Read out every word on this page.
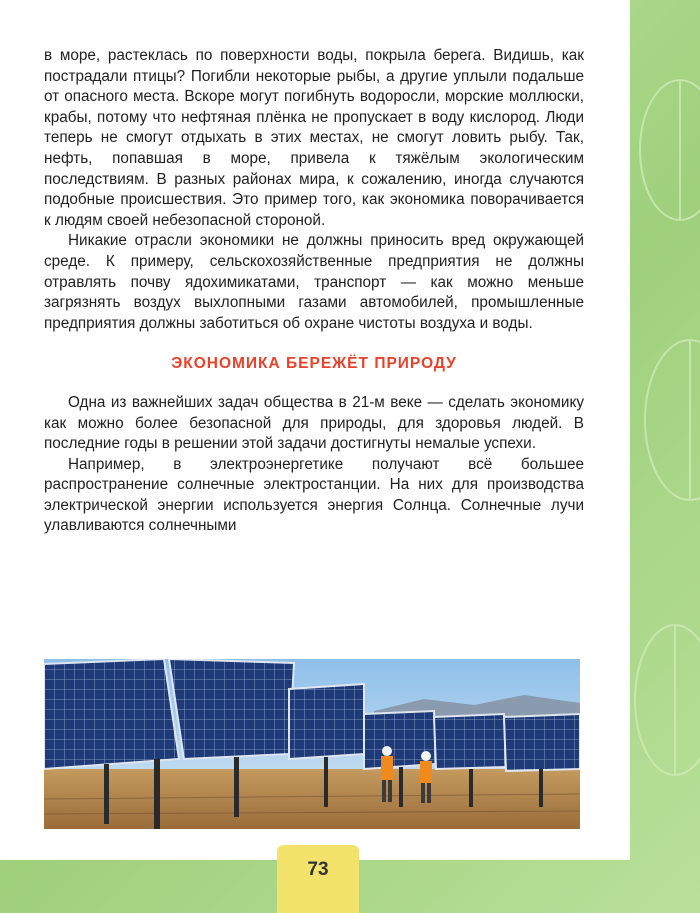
в море, растеклась по поверхности воды, покрыла берега. Видишь, как пострадали птицы? Погибли некоторые рыбы, а другие уплыли подальше от опасного места. Вскоре могут погибнуть водоросли, морские моллюски, крабы, потому что нефтяная плёнка не пропускает в воду кислород. Люди теперь не смогут отдыхать в этих местах, не смогут ловить рыбу. Так, нефть, попавшая в море, привела к тяжёлым экологическим последствиям. В разных районах мира, к сожалению, иногда случаются подобные происшествия. Это пример того, как экономика поворачивается к людям своей небезопасной стороной.

Никакие отрасли экономики не должны приносить вред окружающей среде. К примеру, сельскохозяйственные предприятия не должны отравлять почву ядохимикатами, транспорт — как можно меньше загрязнять воздух выхлопными газами автомобилей, промышленные предприятия должны заботиться об охране чистоты воздуха и воды.

ЭКОНОМИКА БЕРЕЖЁТ ПРИРОДУ

Одна из важнейших задач общества в 21-м веке — сделать экономику как можно более безопасной для природы, для здоровья людей. В последние годы в решении этой задачи достигнуты немалые успехи.

Например, в электроэнергетике получают всё большее распространение солнечные электростанции. На них для производства электрической энергии используется энергия Солнца. Солнечные лучи улавливаются солнечными

73
